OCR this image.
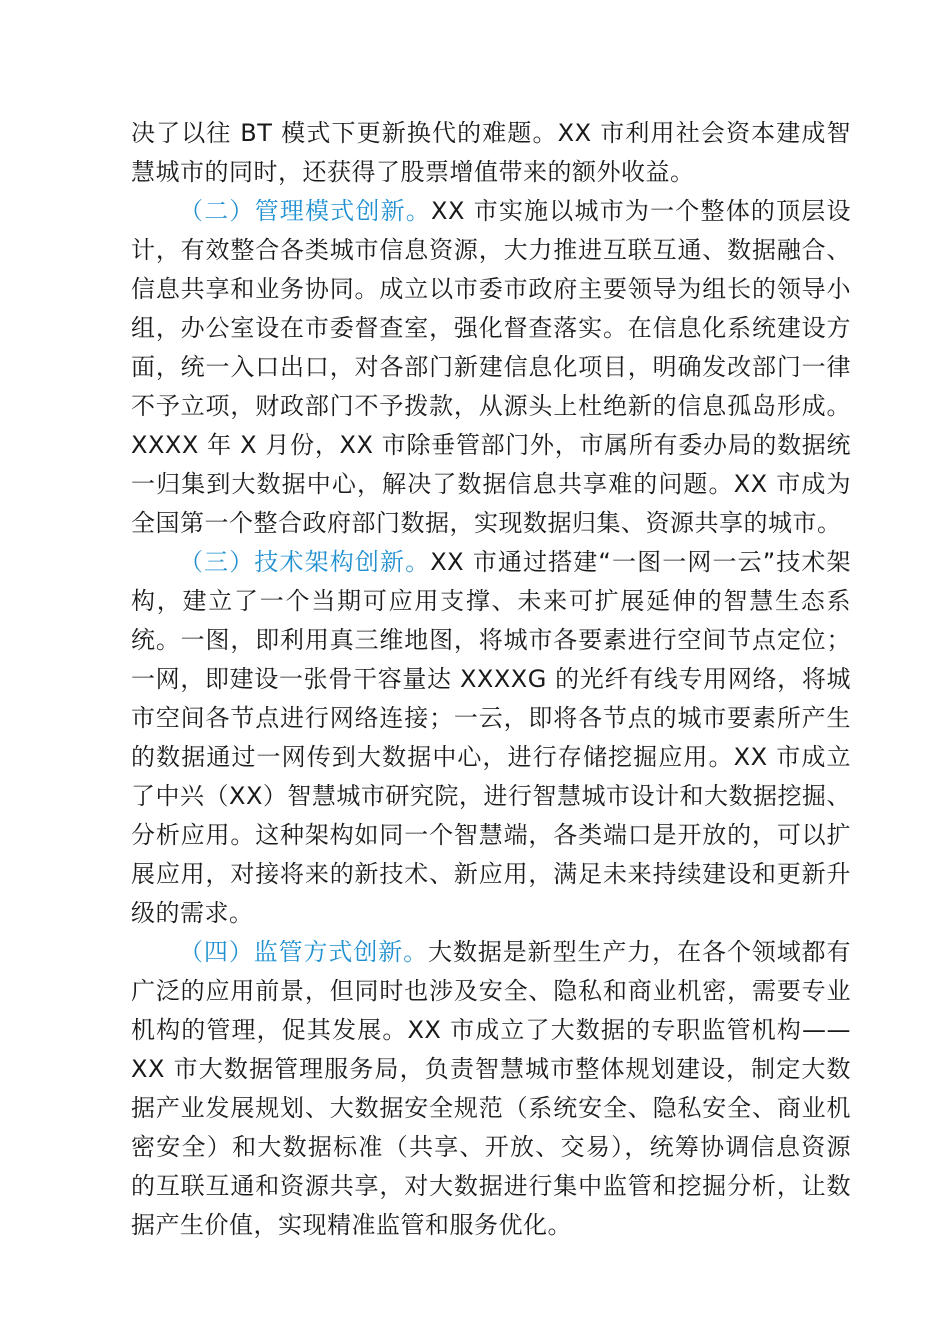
决了以往 BT 模式下更新换代的难题。XX 市利用社会资本建成智慧城市的同时，还获得了股票增值带来的额外收益。

（二）管理模式创新。XX 市实施以城市为一个整体的顶层设计，有效整合各类城市信息资源，大力推进互联互通、数据融合、信息共享和业务协同。成立以市委市政府主要领导为组长的领导小组，办公室设在市委督查室，强化督查落实。在信息化系统建设方面，统一入口出口，对各部门新建信息化项目，明确发改部门一律不予立项，财政部门不予拨款，从源头上杜绝新的信息孤岛形成。XXXX 年 X 月份，XX 市除垂管部门外，市属所有委办局的数据统一归集到大数据中心，解决了数据信息共享难的问题。XX 市成为全国第一个整合政府部门数据，实现数据归集、资源共享的城市。

（三）技术架构创新。XX 市通过搭建“一图一网一云”技术架构，建立了一个当期可应用支撑、未来可扩展延伸的智慧生态系统。一图，即利用真三维地图，将城市各要素进行空间节点定位；一网，即建设一张骨干容量达 XXXXG 的光纤有线专用网络，将城市空间各节点进行网络连接；一云，即将各节点的城市要素所产生的数据通过一网传到大数据中心，进行存储挖掘应用。XX 市成立了中兴（XX）智慧城市研究院，进行智慧城市设计和大数据挖掘、分析应用。这种架构如同一个智慧端，各类端口是开放的，可以扩展应用，对接将来的新技术、新应用，满足未来持续建设和更新升级的需求。

（四）监管方式创新。大数据是新型生产力，在各个领域都有广泛的应用前景，但同时也涉及安全、隐私和商业机密，需要专业机构的管理，促其发展。XX 市成立了大数据的专职监管机构——XX 市大数据管理服务局，负责智慧城市整体规划建设，制定大数据产业发展规划、大数据安全规范（系统安全、隐私安全、商业机密安全）和大数据标准（共享、开放、交易），统筹协调信息资源的互联互通和资源共享，对大数据进行集中监管和挖掘分析，让数据产生价值，实现精准监管和服务优化。
